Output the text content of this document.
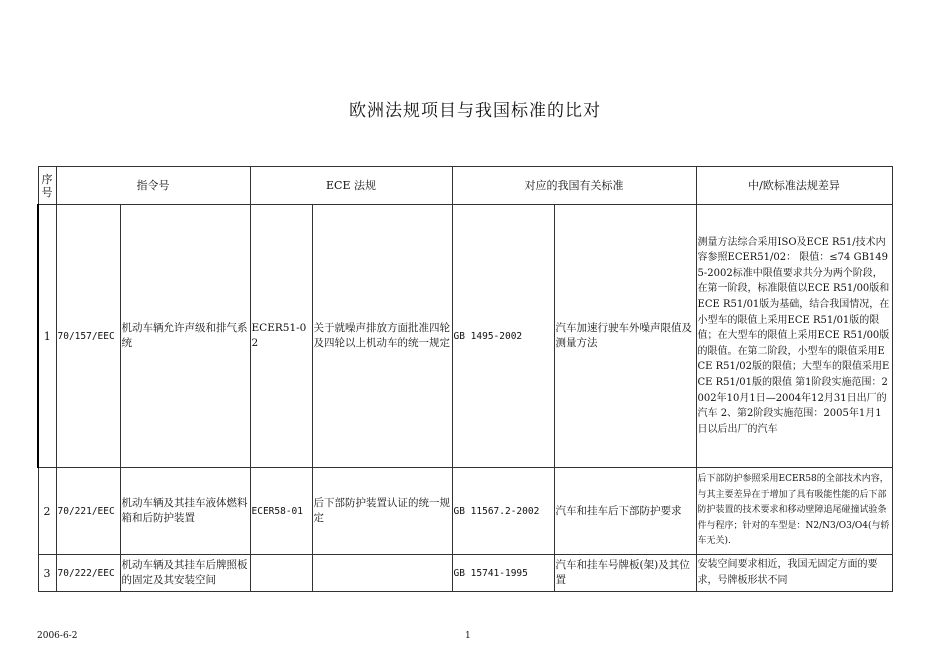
欧洲法规项目与我国标准的比对
序号	指令号		ECE 法规		对应的我国有关标准		中/欧标准法规差异
1	70/157/EEC	机动车辆允许声级和排气系统	ECER51-02	关于就噪声排放方面批准四轮及四轮以上机动车的统一规定	GB 1495-2002	汽车加速行驶车外噪声限值及测量方法	测量方法综合采用ISO及ECE R51/技术内容参照ECER51/02： 限值：≤74 GB1495-2002标准中限值要求共分为两个阶段，在第一阶段，标准限值以ECE R51/00版和ECE R51/01版为基础，结合我国情况，在小型车的限值上采用ECE R51/01版的限值；在大型车的限值上采用ECE R51/00版的限值。在第二阶段，小型车的限值采用ECE R51/02版的限值；大型车的限值采用ECE R51/01版的限值 第1阶段实施范围：2002年10月1日—2004年12月31日出厂的汽车 2、第2阶段实施范围：2005年1月1日以后出厂的汽车
2	70/221/EEC	机动车辆及其挂车液体燃料箱和后防护装置	ECER58-01	后下部防护装置认证的统一规定	GB 11567.2-2002	汽车和挂车后下部防护要求	后下部防护参照采用ECER58的全部技术内容，与其主要差异在于增加了具有吸能性能的后下部防护装置的技术要求和移动壁障追尾碰撞试验条件与程序；针对的车型是：N2/N3/O3/O4(与轿车无关).
3	70/222/EEC	机动车辆及其挂车后牌照板的固定及其安装空间			GB 15741-1995	汽车和挂车号牌板(架)及其位置	安装空间要求相近，我国无固定方面的要求，号牌板形状不同
2006-6-2	1
